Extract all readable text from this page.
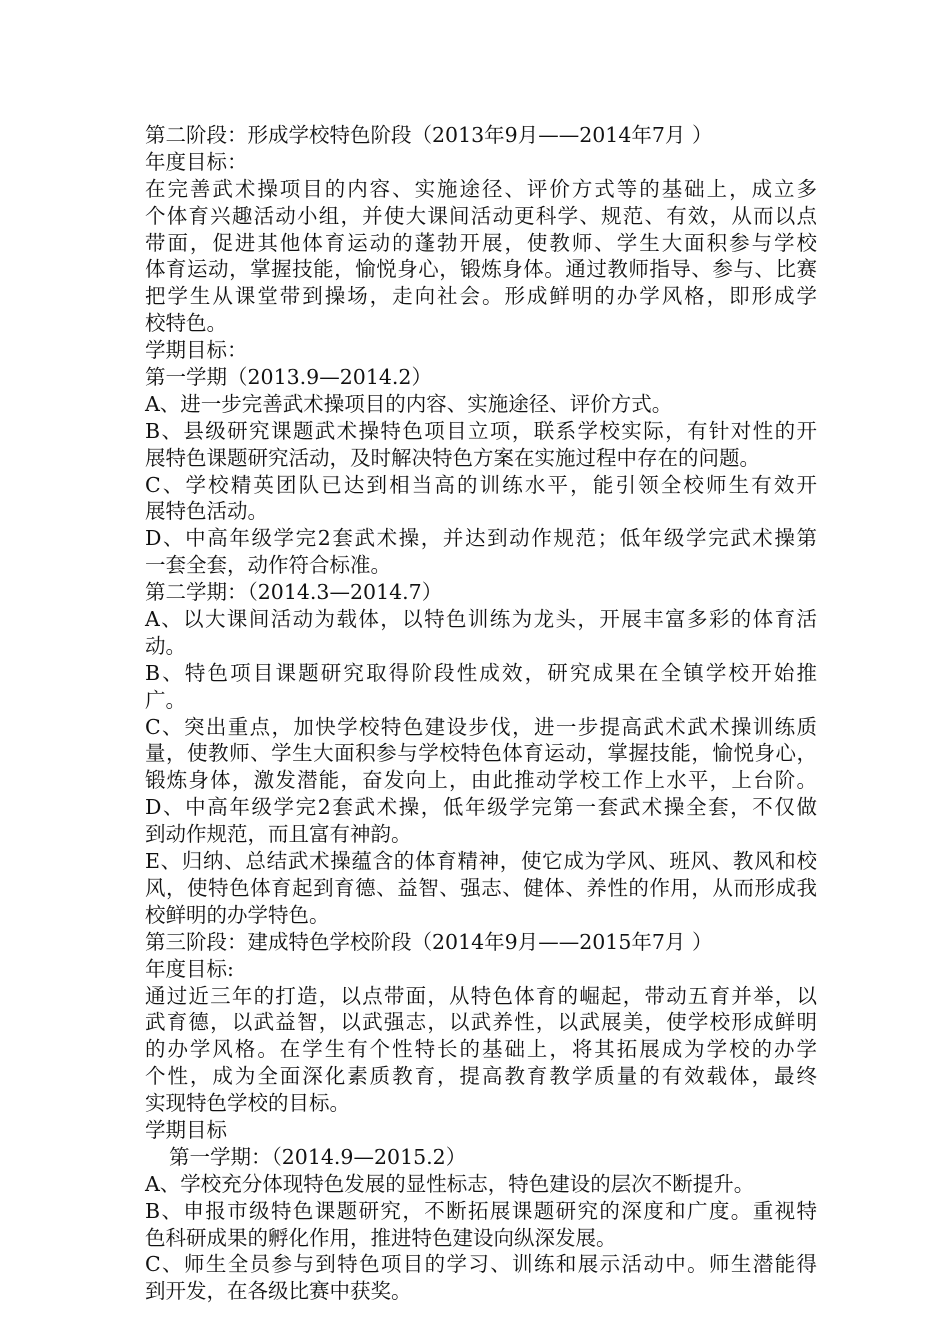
第二阶段：形成学校特色阶段（2013年9月——2014年7月 ）
年度目标：
在完善武术操项目的内容、实施途径、评价方式等的基础上，成立多
个体育兴趣活动小组，并使大课间活动更科学、规范、有效，从而以点
带面，促进其他体育运动的蓬勃开展，使教师、学生大面积参与学校
体育运动，掌握技能，愉悦身心，锻炼身体。通过教师指导、参与、比赛
把学生从课堂带到操场，走向社会。形成鲜明的办学风格，即形成学
校特色。
学期目标：
第一学期（2013.9—2014.2）
A、进一步完善武术操项目的内容、实施途径、评价方式。
B、县级研究课题武术操特色项目立项，联系学校实际，有针对性的开
展特色课题研究活动，及时解决特色方案在实施过程中存在的问题。
C、学校精英团队已达到相当高的训练水平，能引领全校师生有效开
展特色活动。
D、中高年级学完2套武术操，并达到动作规范；低年级学完武术操第
一套全套，动作符合标准。
第二学期：（2014.3—2014.7）
A、以大课间活动为载体，以特色训练为龙头，开展丰富多彩的体育活
动。
B、特色项目课题研究取得阶段性成效，研究成果在全镇学校开始推
广。
C、突出重点，加快学校特色建设步伐，进一步提高武术武术操训练质
量，使教师、学生大面积参与学校特色体育运动，掌握技能，愉悦身心，
锻炼身体，激发潜能，奋发向上，由此推动学校工作上水平，上台阶。
D、中高年级学完2套武术操，低年级学完第一套武术操全套，不仅做
到动作规范，而且富有神韵。
E、归纳、总结武术操蕴含的体育精神，使它成为学风、班风、教风和校
风，使特色体育起到育德、益智、强志、健体、养性的作用，从而形成我
校鲜明的办学特色。
第三阶段：建成特色学校阶段（2014年9月——2015年7月 ）
年度目标:
通过近三年的打造，以点带面，从特色体育的崛起，带动五育并举，以
武育德，以武益智，以武强志，以武养性，以武展美，使学校形成鲜明
的办学风格。在学生有个性特长的基础上，将其拓展成为学校的办学
个性，成为全面深化素质教育，提高教育教学质量的有效载体，最终
实现特色学校的目标。
学期目标
第一学期：（2014.9—2015.2）
A、学校充分体现特色发展的显性标志，特色建设的层次不断提升。
B、申报市级特色课题研究，不断拓展课题研究的深度和广度。重视特
色科研成果的孵化作用，推进特色建设向纵深发展。
C、师生全员参与到特色项目的学习、训练和展示活动中。师生潜能得
到开发，在各级比赛中获奖。
